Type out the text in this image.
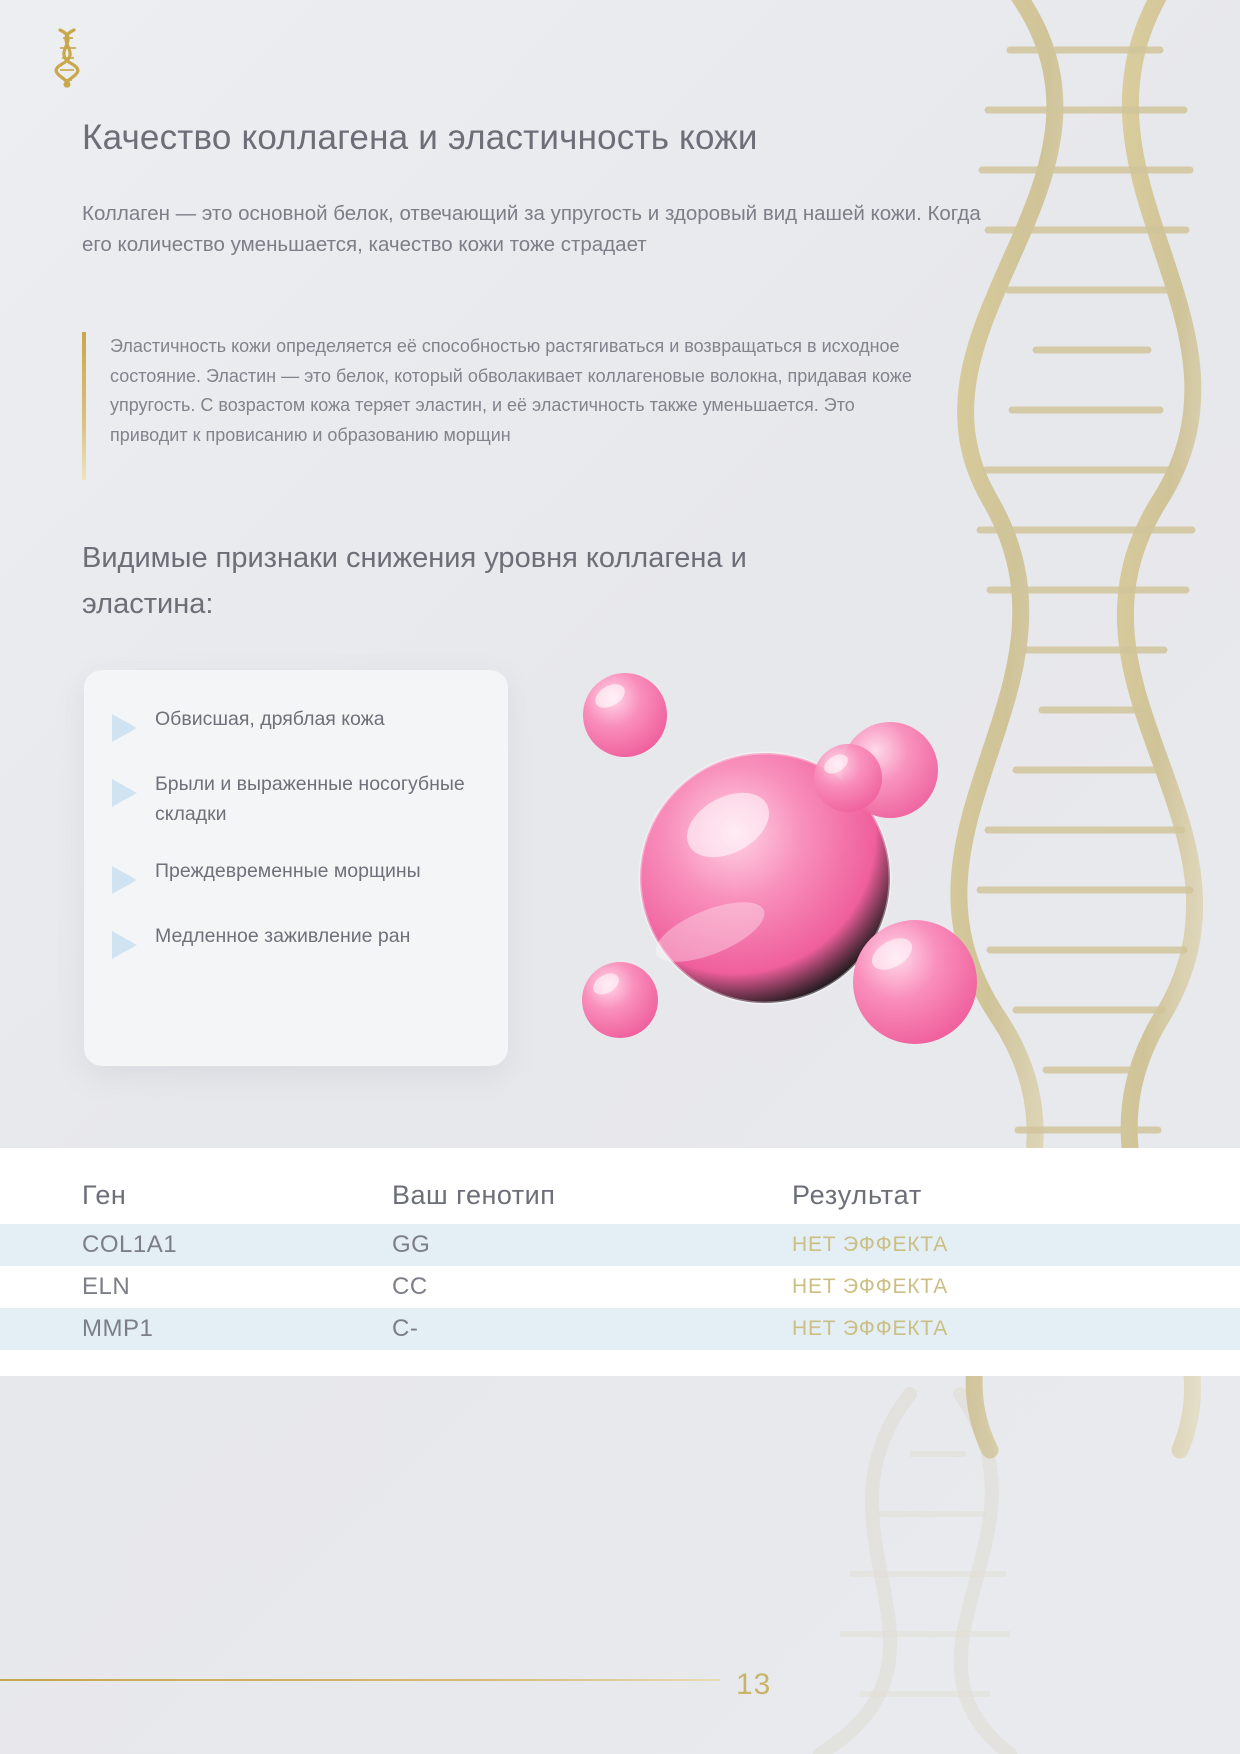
Качество коллагена и эластичность кожи

Коллаген — это основной белок, отвечающий за упругость и здоровый вид нашей кожи. Когда его количество уменьшается, качество кожи тоже страдает

Эластичность кожи определяется её способностью растягиваться и возвращаться в исходное состояние. Эластин — это белок, который обволакивает коллагеновые волокна, придавая коже упругость. С возрастом кожа теряет эластин, и её эластичность также уменьшается. Это приводит к провисанию и образованию морщин

Видимые признаки снижения уровня коллагена и эластина:
Обвисшая, дряблая кожа
Брыли и выраженные носогубные складки
Преждевременные морщины
Медленное заживление ран
Ген	Ваш генотип	Результат
COL1A1	GG	НЕТ ЭФФЕКТА
ELN	CC	НЕТ ЭФФЕКТА
MMP1	C-	НЕТ ЭФФЕКТА
13
